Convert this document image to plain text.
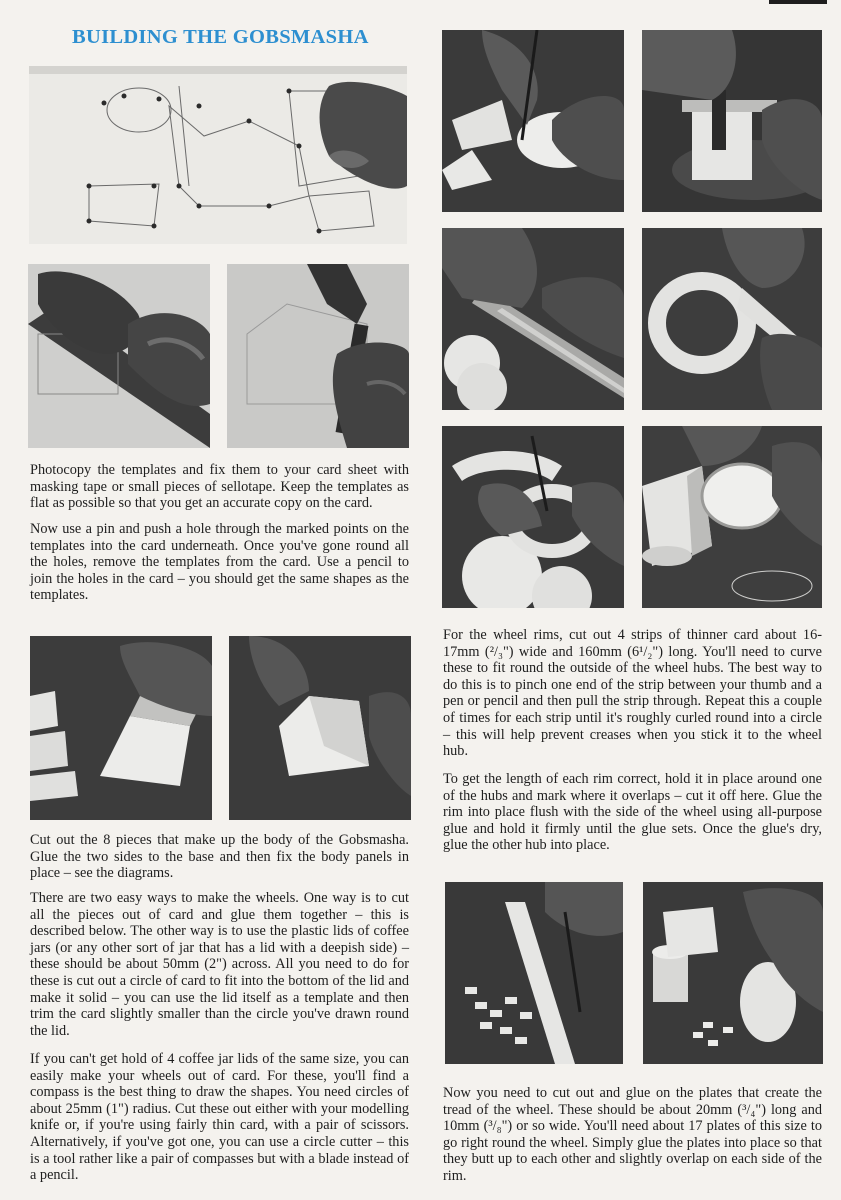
BUILDING THE GOBSMASHA

Photocopy the templates and fix them to your card sheet with masking tape or small pieces of sellotape. Keep the templates as flat as possible so that you get an accurate copy on the card.

Now use a pin and push a hole through the marked points on the templates into the card underneath. Once you've gone round all the holes, remove the templates from the card. Use a pencil to join the holes in the card – you should get the same shapes as the templates.

For the wheel rims, cut out 4 strips of thinner card about 16-17mm (²/₃") wide and 160mm (6¹/₂") long. You'll need to curve these to fit round the outside of the wheel hubs. The best way to do this is to pinch one end of the strip between your thumb and a pen or pencil and then pull the strip through. Repeat this a couple of times for each strip until it's roughly curled round into a circle – this will help prevent creases when you stick it to the wheel hub.

To get the length of each rim correct, hold it in place around one of the hubs and mark where it overlaps – cut it off here. Glue the rim into place flush with the side of the wheel using all-purpose glue and hold it firmly until the glue sets. Once the glue's dry, glue the other hub into place.

Cut out the 8 pieces that make up the body of the Gobsmasha. Glue the two sides to the base and then fix the body panels in place – see the diagrams.

There are two easy ways to make the wheels. One way is to cut all the pieces out of card and glue them together – this is described below. The other way is to use the plastic lids of coffee jars (or any other sort of jar that has a lid with a deepish side) – these should be about 50mm (2") across. All you need to do for these is cut out a circle of card to fit into the bottom of the lid and make it solid – you can use the lid itself as a template and then trim the card slightly smaller than the circle you've drawn round the lid.

If you can't get hold of 4 coffee jar lids of the same size, you can easily make your wheels out of card. For these, you'll find a compass is the best thing to draw the shapes. You need circles of about 25mm (1") radius. Cut these out either with your modelling knife or, if you're using fairly thin card, with a pair of scissors. Alternatively, if you've got one, you can use a circle cutter – this is a tool rather like a pair of compasses but with a blade instead of a pencil.

Now you need to cut out and glue on the plates that create the tread of the wheel. These should be about 20mm (³/₄") long and 10mm (³/₈") or so wide. You'll need about 17 plates of this size to go right round the wheel. Simply glue the plates into place so that they butt up to each other and slightly overlap on each side of the rim.
